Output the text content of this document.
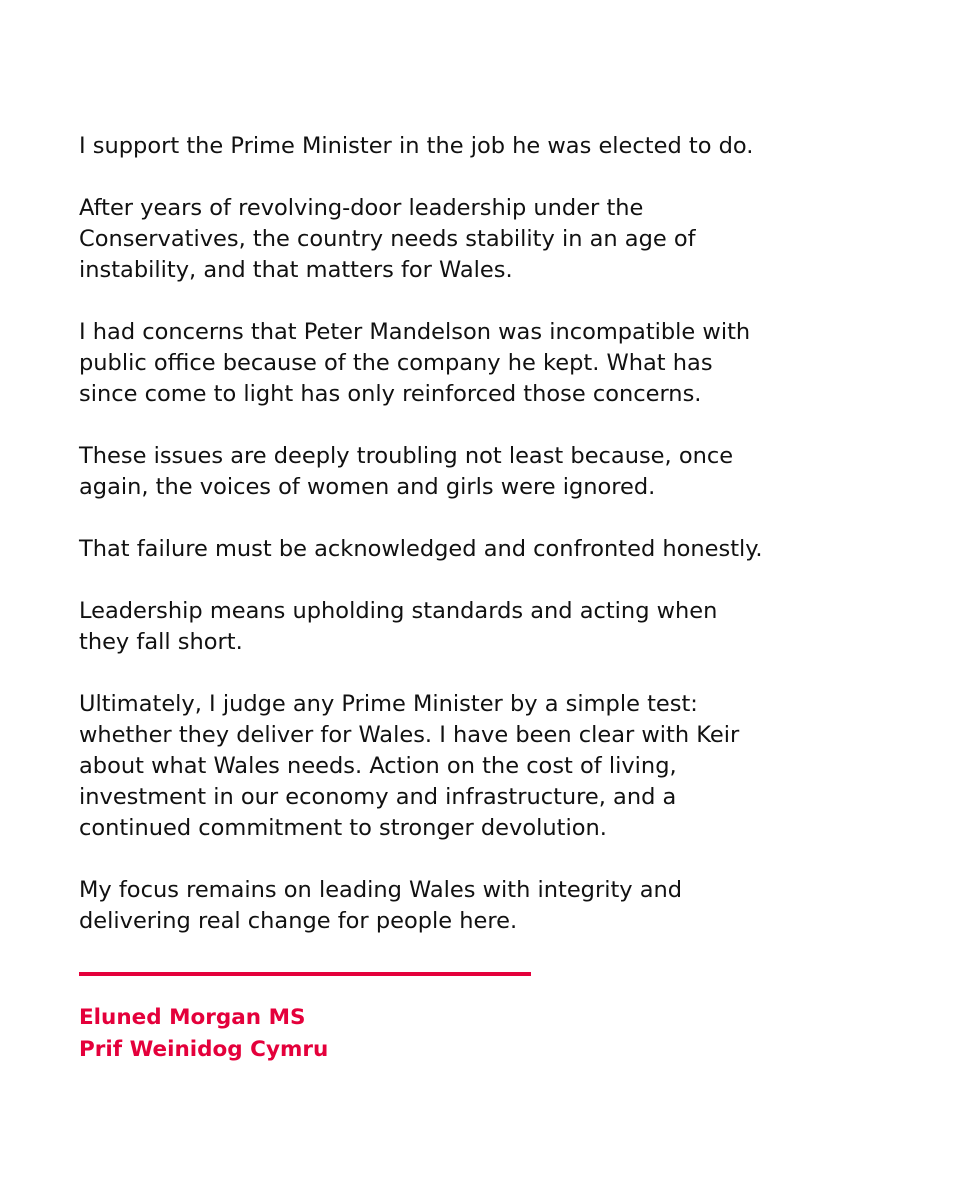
I support the Prime Minister in the job he was elected to do.

After years of revolving-door leadership under the
Conservatives, the country needs stability in an age of
instability, and that matters for Wales.

I had concerns that Peter Mandelson was incompatible with
public office because of the company he kept. What has
since come to light has only reinforced those concerns.

These issues are deeply troubling not least because, once
again, the voices of women and girls were ignored.

That failure must be acknowledged and confronted honestly.

Leadership means upholding standards and acting when
they fall short.

Ultimately, I judge any Prime Minister by a simple test:
whether they deliver for Wales. I have been clear with Keir
about what Wales needs. Action on the cost of living,
investment in our economy and infrastructure, and a
continued commitment to stronger devolution.

My focus remains on leading Wales with integrity and
delivering real change for people here.

Eluned Morgan MS
Prif Weinidog Cymru
